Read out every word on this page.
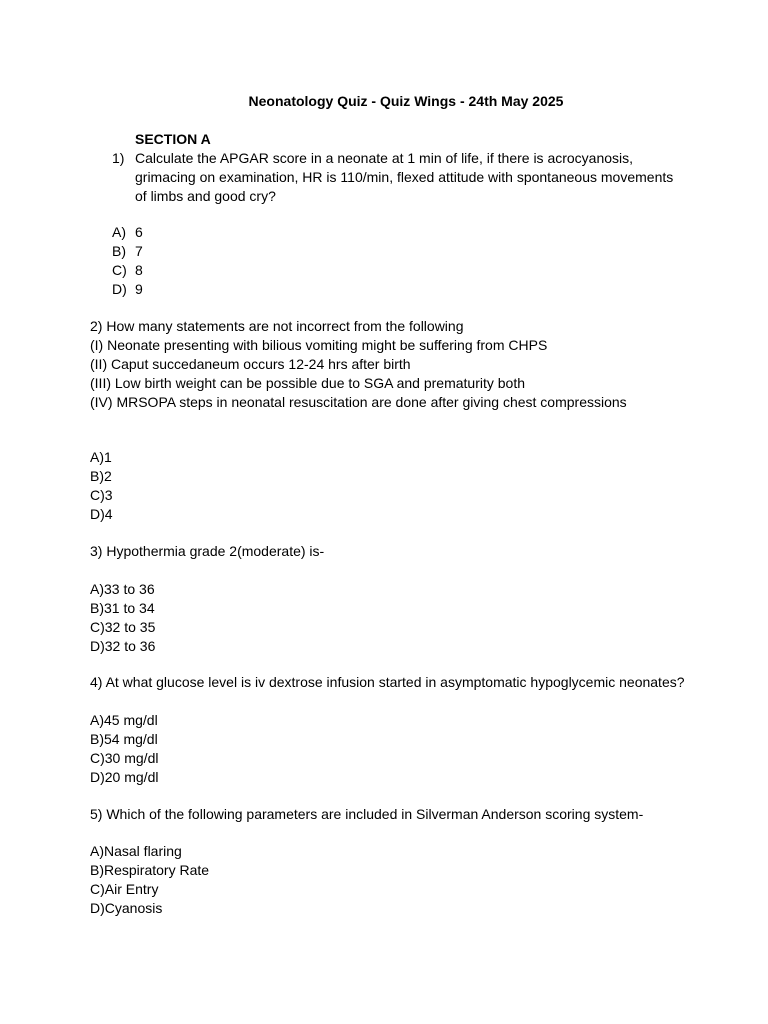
Neonatology Quiz - Quiz Wings - 24th May 2025
SECTION A
1) Calculate the APGAR score in a neonate at 1 min of life, if there is acrocyanosis, grimacing on examination, HR is 110/min, flexed attitude with spontaneous movements of limbs and good cry?
A) 6
B) 7
C) 8
D) 9
2) How many statements are not incorrect from the following
(I) Neonate presenting with bilious vomiting might be suffering from CHPS
(II) Caput succedaneum occurs 12-24 hrs after birth
(III) Low birth weight can be possible due to SGA and prematurity both
(IV) MRSOPA steps in neonatal resuscitation are done after giving chest compressions
A)1
B)2
C)3
D)4
3) Hypothermia grade 2(moderate) is-
A)33 to 36
B)31 to 34
C)32 to 35
D)32 to 36
4) At what glucose level is iv dextrose infusion started in asymptomatic hypoglycemic neonates?
A)45 mg/dl
B)54 mg/dl
C)30 mg/dl
D)20 mg/dl
5) Which of the following parameters are included in Silverman Anderson scoring system-
A)Nasal flaring
B)Respiratory Rate
C)Air Entry
D)Cyanosis
